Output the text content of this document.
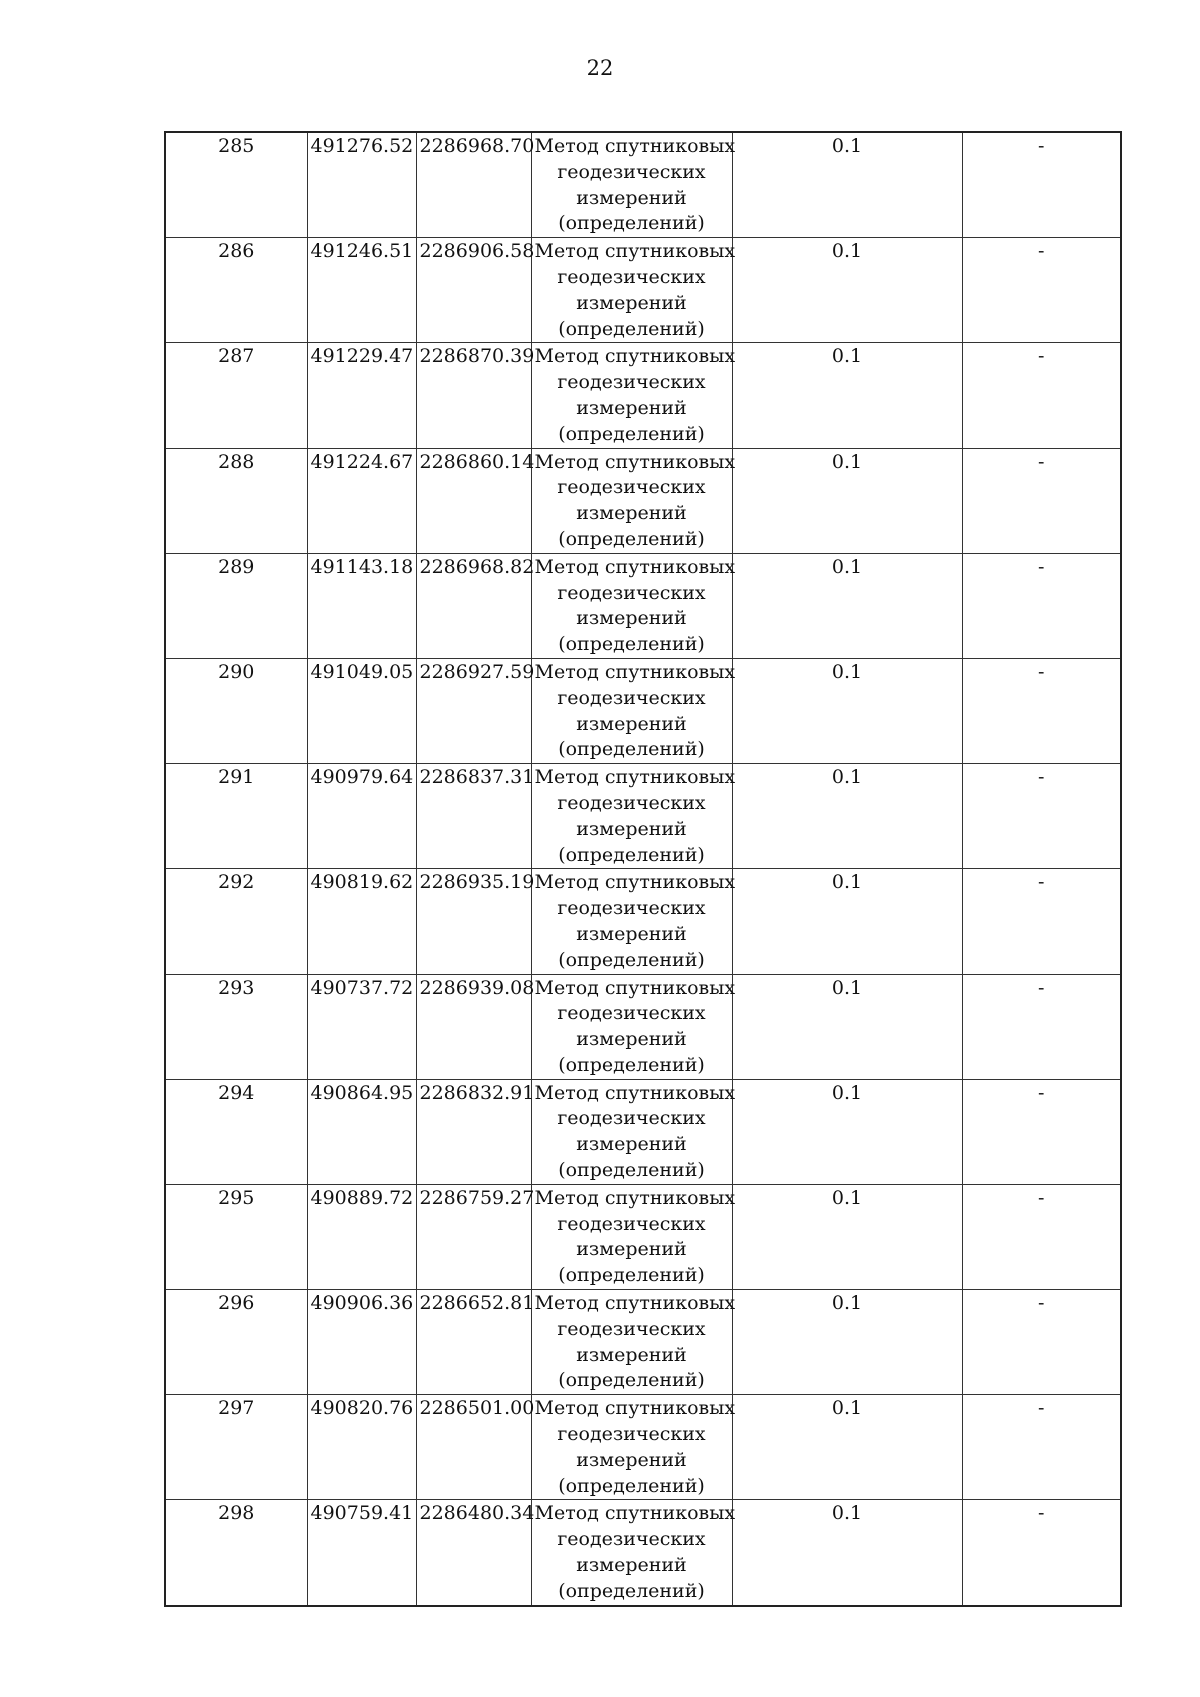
22
285	491276.52	2286968.70	Метод спутниковых
геодезических
измерений
(определений)	0.1	-
286	491246.51	2286906.58	Метод спутниковых
геодезических
измерений
(определений)	0.1	-
287	491229.47	2286870.39	Метод спутниковых
геодезических
измерений
(определений)	0.1	-
288	491224.67	2286860.14	Метод спутниковых
геодезических
измерений
(определений)	0.1	-
289	491143.18	2286968.82	Метод спутниковых
геодезических
измерений
(определений)	0.1	-
290	491049.05	2286927.59	Метод спутниковых
геодезических
измерений
(определений)	0.1	-
291	490979.64	2286837.31	Метод спутниковых
геодезических
измерений
(определений)	0.1	-
292	490819.62	2286935.19	Метод спутниковых
геодезических
измерений
(определений)	0.1	-
293	490737.72	2286939.08	Метод спутниковых
геодезических
измерений
(определений)	0.1	-
294	490864.95	2286832.91	Метод спутниковых
геодезических
измерений
(определений)	0.1	-
295	490889.72	2286759.27	Метод спутниковых
геодезических
измерений
(определений)	0.1	-
296	490906.36	2286652.81	Метод спутниковых
геодезических
измерений
(определений)	0.1	-
297	490820.76	2286501.00	Метод спутниковых
геодезических
измерений
(определений)	0.1	-
298	490759.41	2286480.34	Метод спутниковых
геодезических
измерений
(определений)	0.1	-
